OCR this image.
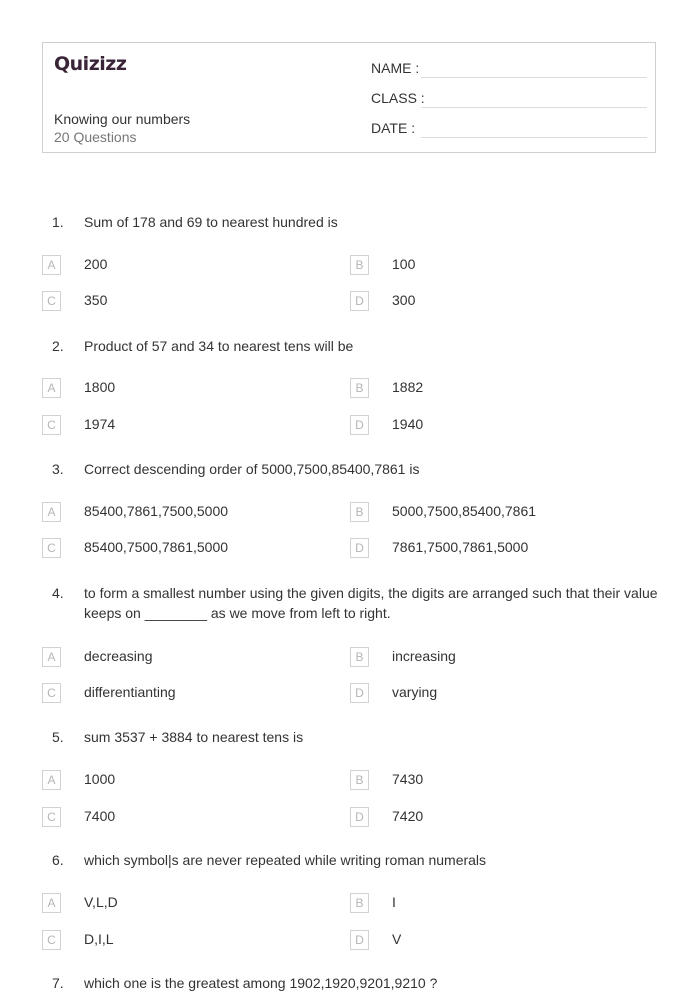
Quizizz
Knowing our numbers
20 Questions
NAME :
CLASS :
DATE :
1.	Sum of 178 and 69 to nearest hundred is
A	200	B	100
C	350	D	300
2.	Product of 57 and 34 to nearest tens will be
A	1800	B	1882
C	1974	D	1940
3.	Correct descending order of 5000,7500,85400,7861 is
A	85400,7861,7500,5000	B	5000,7500,85400,7861
C	85400,7500,7861,5000	D	7861,7500,7861,5000
4.	to form a smallest number using the given digits, the digits are arranged such that their value keeps on ________ as we move from left to right.
A	decreasing	B	increasing
C	differentianting	D	varying
5.	sum 3537 + 3884 to nearest tens is
A	1000	B	7430
C	7400	D	7420
6.	which symbol|s are never repeated while writing roman numerals
A	V,L,D	B	I
C	D,I,L	D	V
7.	which one is the greatest among 1902,1920,9201,9210 ?
